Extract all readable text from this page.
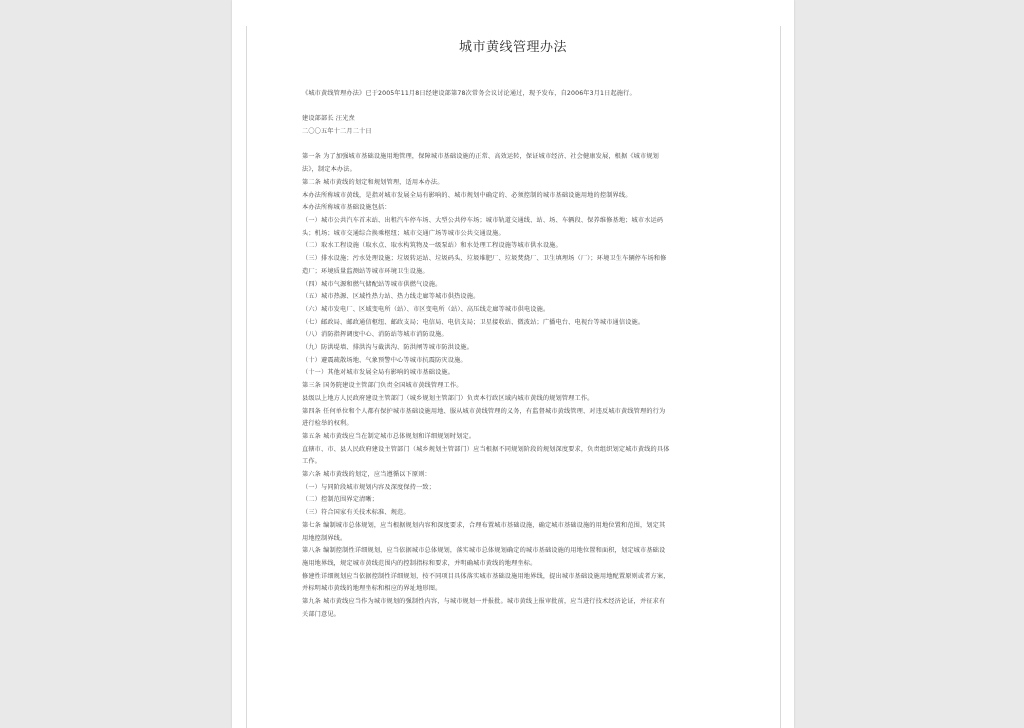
城市黄线管理办法

《城市黄线管理办法》已于2005年11月8日经建设部第78次常务会议讨论通过，现予发布，自2006年3月1日起施行。

建设部部长 汪光焘

二〇〇五年十二月二十日

第一条 为了加强城市基础设施用地管理，保障城市基础设施的正常、高效运转，保证城市经济、社会健康发展，根据《城市规划

法》，制定本办法。

第二条 城市黄线的划定和规划管理，适用本办法。

本办法所称城市黄线，是指对城市发展全局有影响的、城市规划中确定的、必须控制的城市基础设施用地的控制界线。

本办法所称城市基础设施包括：

（一）城市公共汽车首末站、出租汽车停车场、大型公共停车场；城市轨道交通线、站、场、车辆段、保养维修基地；城市水运码

头；机场；城市交通综合换乘枢纽；城市交通广场等城市公共交通设施。

（二）取水工程设施（取水点、取水构筑物及一级泵站）和水处理工程设施等城市供水设施。

（三）排水设施；污水处理设施；垃圾转运站、垃圾码头、垃圾堆肥厂、垃圾焚烧厂、卫生填埋场（厂）；环境卫生车辆停车场和修

造厂；环境质量监测站等城市环境卫生设施。

（四）城市气源和燃气储配站等城市供燃气设施。

（五）城市热源、区域性热力站、热力线走廊等城市供热设施。

（六）城市发电厂、区域变电所（站）、市区变电所（站）、高压线走廊等城市供电设施。

（七）邮政局、邮政通信枢纽、邮政支局；电信局、电信支局；卫星接收站、微波站；广播电台、电视台等城市通信设施。

（八）消防指挥调度中心、消防站等城市消防设施。

（九）防洪堤墙、排洪沟与截洪沟、防洪闸等城市防洪设施。

（十）避震疏散场地、气象预警中心等城市抗震防灾设施。

（十一）其他对城市发展全局有影响的城市基础设施。

第三条 国务院建设主管部门负责全国城市黄线管理工作。

县级以上地方人民政府建设主管部门（城乡规划主管部门）负责本行政区域内城市黄线的规划管理工作。

第四条 任何单位和个人都有保护城市基础设施用地、服从城市黄线管理的义务，有监督城市黄线管理、对违反城市黄线管理的行为

进行检举的权利。

第五条 城市黄线应当在制定城市总体规划和详细规划时划定。

直辖市、市、县人民政府建设主管部门（城乡规划主管部门）应当根据不同规划阶段的规划深度要求，负责组织划定城市黄线的具体

工作。

第六条 城市黄线的划定，应当遵循以下原则：

（一）与同阶段城市规划内容及深度保持一致；

（二）控制范围界定清晰；

（三）符合国家有关技术标准、规范。

第七条 编制城市总体规划，应当根据规划内容和深度要求，合理布置城市基础设施，确定城市基础设施的用地位置和范围，划定其

用地控制界线。

第八条 编制控制性详细规划，应当依据城市总体规划，落实城市总体规划确定的城市基础设施的用地位置和面积，划定城市基础设

施用地界线，规定城市黄线范围内的控制指标和要求，并明确城市黄线的地理坐标。

修建性详细规划应当依据控制性详细规划，按不同项目具体落实城市基础设施用地界线，提出城市基础设施用地配置原则或者方案，

并标明城市黄线的地理坐标和相应的界址地形图。

第九条 城市黄线应当作为城市规划的强制性内容，与城市规划一并报批。城市黄线上报审批前，应当进行技术经济论证，并征求有

关部门意见。
